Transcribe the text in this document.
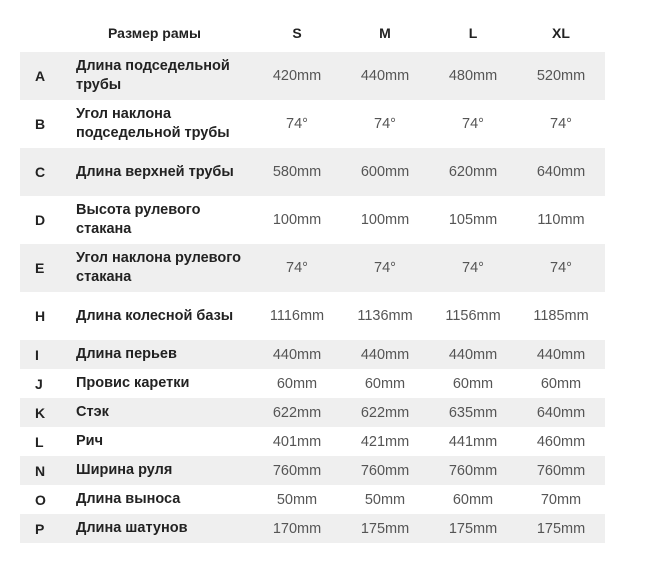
Размер рамы		S	M	L	XL
A	Длина подседельной трубы	420mm	440mm	480mm	520mm
B	Угол наклона подседельной трубы	74°	74°	74°	74°
C	Длина верхней трубы	580mm	600mm	620mm	640mm
D	Высота рулевого стакана	100mm	100mm	105mm	110mm
E	Угол наклона рулевого стакана	74°	74°	74°	74°
H	Длина колесной базы	1116mm	1136mm	1156mm	1185mm
I	Длина перьев	440mm	440mm	440mm	440mm
J	Провис каретки	60mm	60mm	60mm	60mm
K	Стэк	622mm	622mm	635mm	640mm
L	Рич	401mm	421mm	441mm	460mm
N	Ширина руля	760mm	760mm	760mm	760mm
O	Длина выноса	50mm	50mm	60mm	70mm
P	Длина шатунов	170mm	175mm	175mm	175mm
